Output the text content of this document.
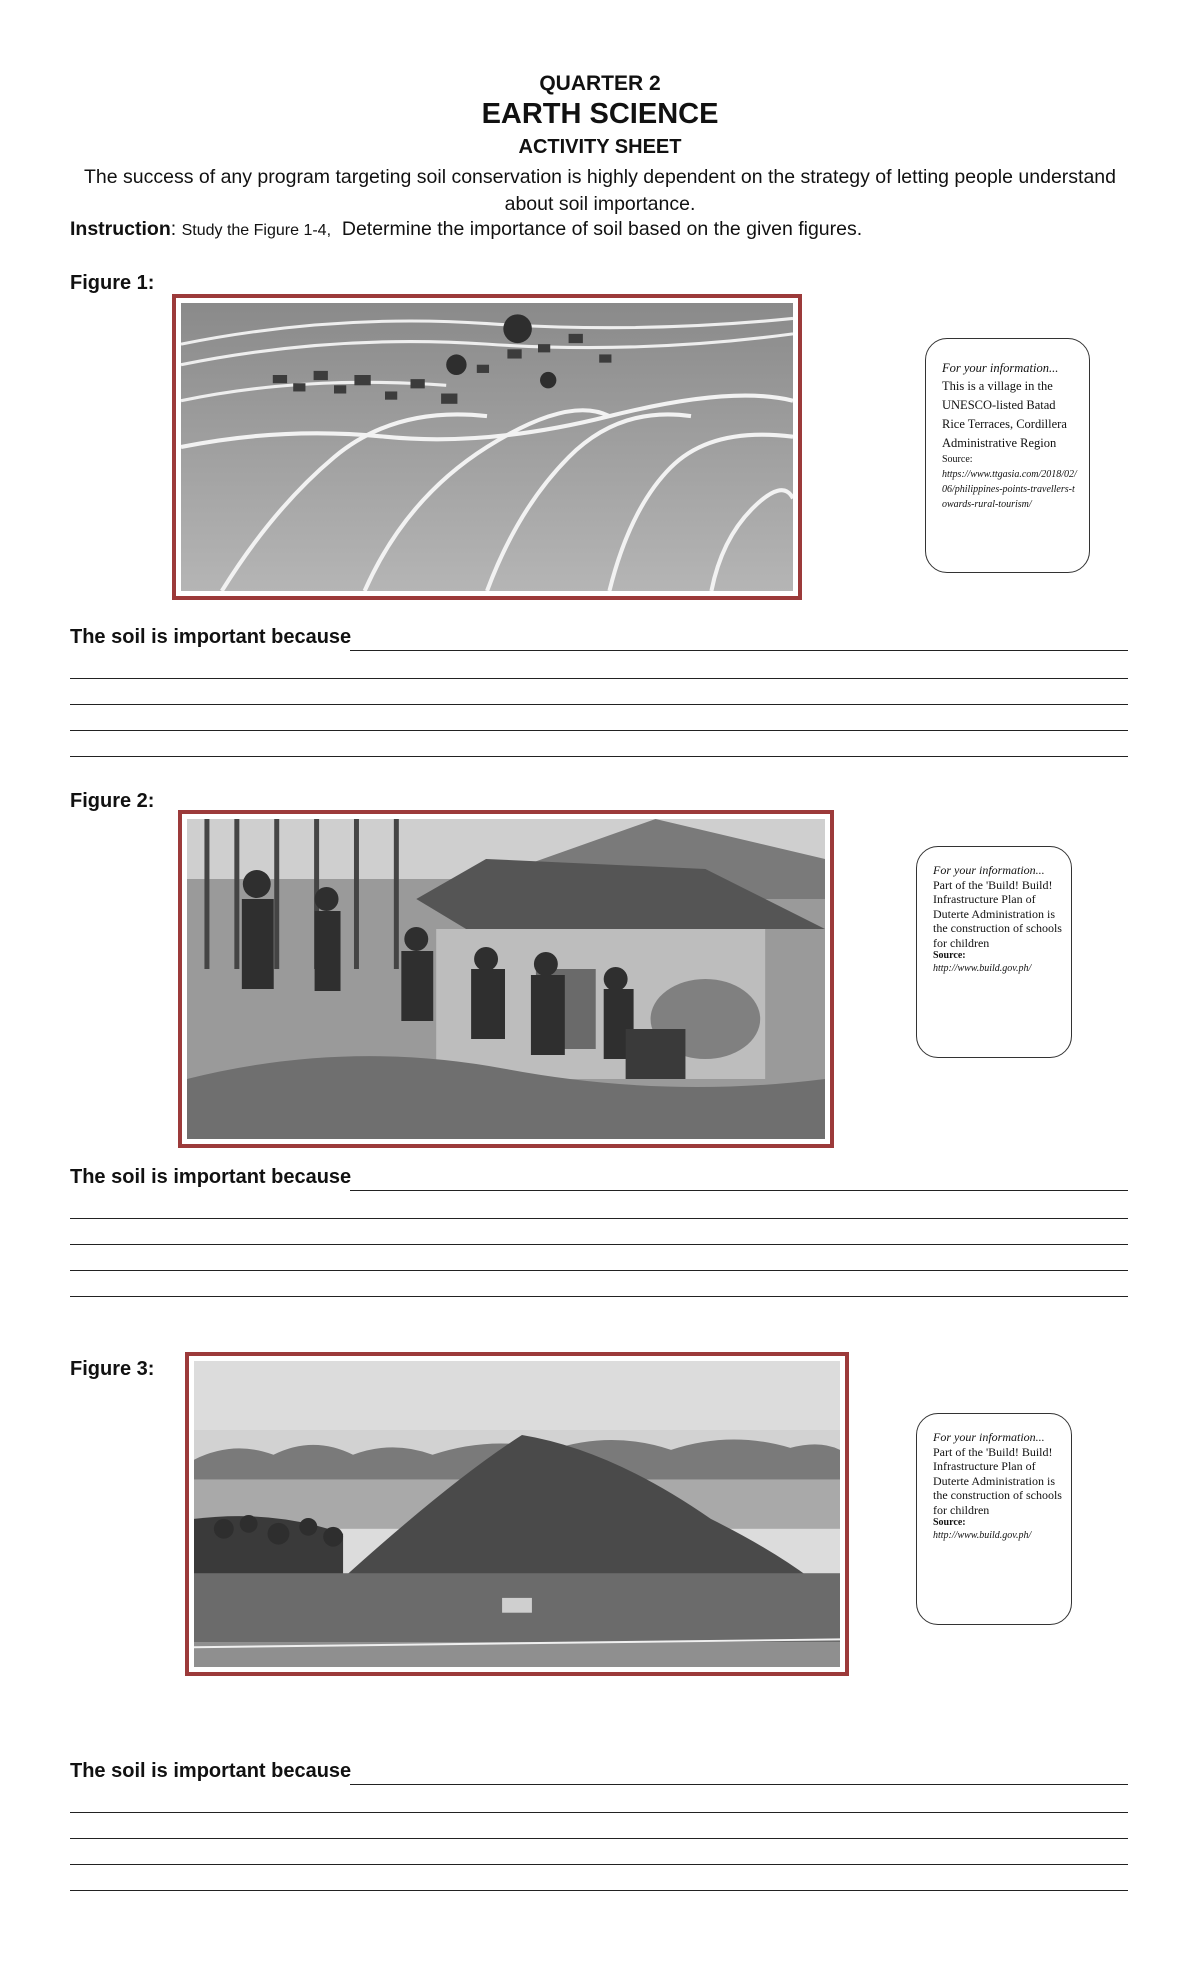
QUARTER 2
EARTH SCIENCE
ACTIVITY SHEET
The success of any program targeting soil conservation is highly dependent on the strategy of letting people understand about soil importance.
Instruction: Study the Figure 1-4, Determine the importance of soil based on the given figures.
Figure 1:
For your information...
This is a village in the UNESCO-listed Batad Rice Terraces, Cordillera Administrative Region
Source:
https://www.ttgasia.com/2018/02/06/philippines-points-travellers-towards-rural-tourism/
The soil is important because
Figure 2:
For your information...
Part of the 'Build! Build! Infrastructure Plan of Duterte Administration is the construction of schools for children
Source:
http://www.build.gov.ph/
The soil is important because
Figure 3:
For your information...
Part of the 'Build! Build! Infrastructure Plan of Duterte Administration is the construction of schools for children
Source:
http://www.build.gov.ph/
The soil is important because
